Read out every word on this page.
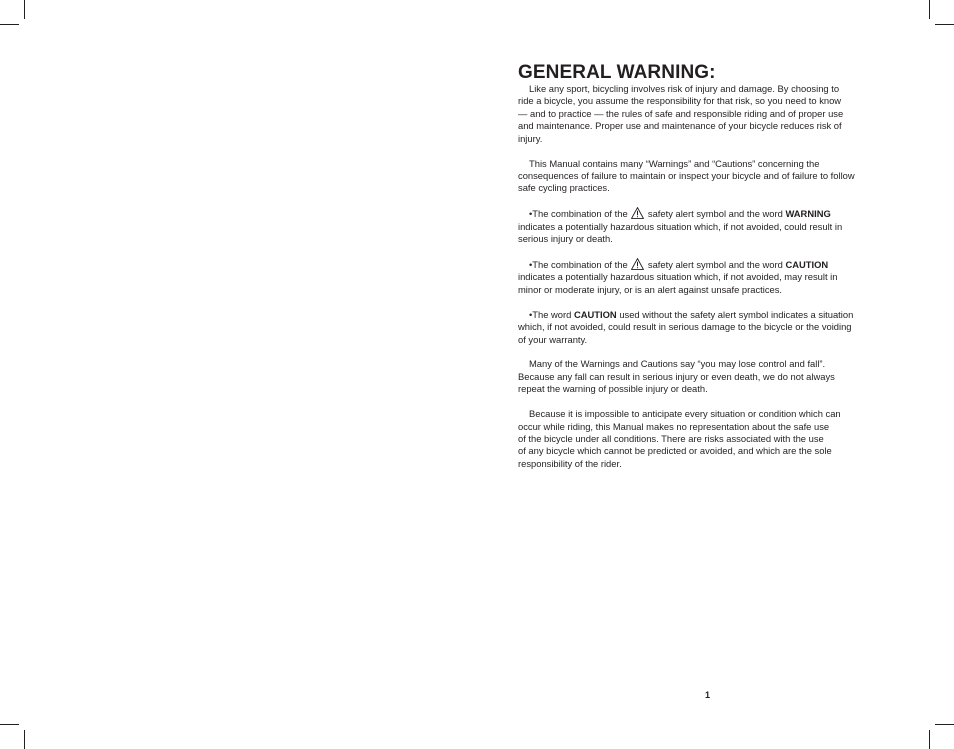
GENERAL WARNING:

Like any sport, bicycling involves risk of injury and damage. By choosing to
ride a bicycle, you assume the responsibility for that risk, so you need to know
— and to practice — the rules of safe and responsible riding and of proper use
and maintenance. Proper use and maintenance of your bicycle reduces risk of
injury.

This Manual contains many “Warnings” and “Cautions” concerning the
consequences of failure to maintain or inspect your bicycle and of failure to follow
safe cycling practices.

•The combination of the safety alert symbol and the word WARNING
indicates a potentially hazardous situation which, if not avoided, could result in
serious injury or death.

•The combination of the safety alert symbol and the word CAUTION
indicates a potentially hazardous situation which, if not avoided, may result in
minor or moderate injury, or is an alert against unsafe practices.

•The word CAUTION used without the safety alert symbol indicates a situation
which, if not avoided, could result in serious damage to the bicycle or the voiding
of your warranty.

Many of the Warnings and Cautions say “you may lose control and fall”.
Because any fall can result in serious injury or even death, we do not always
repeat the warning of possible injury or death.

Because it is impossible to anticipate every situation or condition which can
occur while riding, this Manual makes no representation about the safe use
of the bicycle under all conditions. There are risks associated with the use
of any bicycle which cannot be predicted or avoided, and which are the sole
responsibility of the rider.

1
